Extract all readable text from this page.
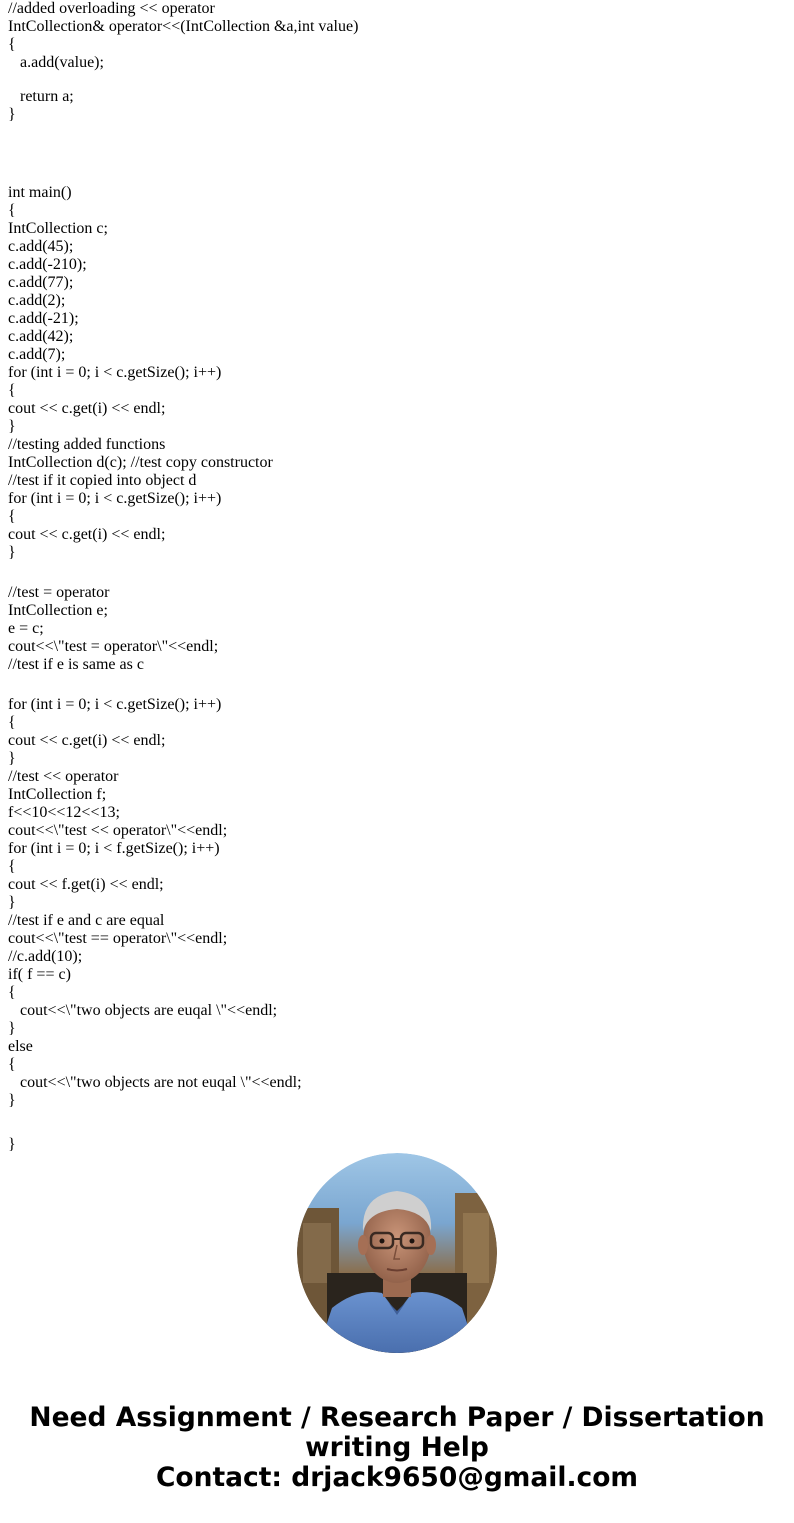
//added overloading << operator
IntCollection& operator<<(IntCollection &a,int value)
{
a.add(value);
return a;
}
int main()
{
IntCollection c;
c.add(45);
c.add(-210);
c.add(77);
c.add(2);
c.add(-21);
c.add(42);
c.add(7);
for (int i = 0; i < c.getSize(); i++)
{
cout << c.get(i) << endl;
}
//testing added functions
IntCollection d(c); //test copy constructor
//test if it copied into object d
for (int i = 0; i < c.getSize(); i++)
{
cout << c.get(i) << endl;
}
//test = operator
IntCollection e;
e = c;
cout<<\"test = operator\"<<endl;
//test if e is same as c
for (int i = 0; i < c.getSize(); i++)
{
cout << c.get(i) << endl;
}
//test << operator
IntCollection f;
f<<10<<12<<13;
cout<<\"test << operator\"<<endl;
for (int i = 0; i < f.getSize(); i++)
{
cout << f.get(i) << endl;
}
//test if e and c are equal
cout<<\"test == operator\"<<endl;
//c.add(10);
if( f == c)
{
cout<<\"two objects are euqal \"<<endl;
}
else
{
cout<<\"two objects are not euqal \"<<endl;
}
}
Need Assignment / Research Paper / Dissertation
writing Help
Contact: drjack9650@gmail.com
